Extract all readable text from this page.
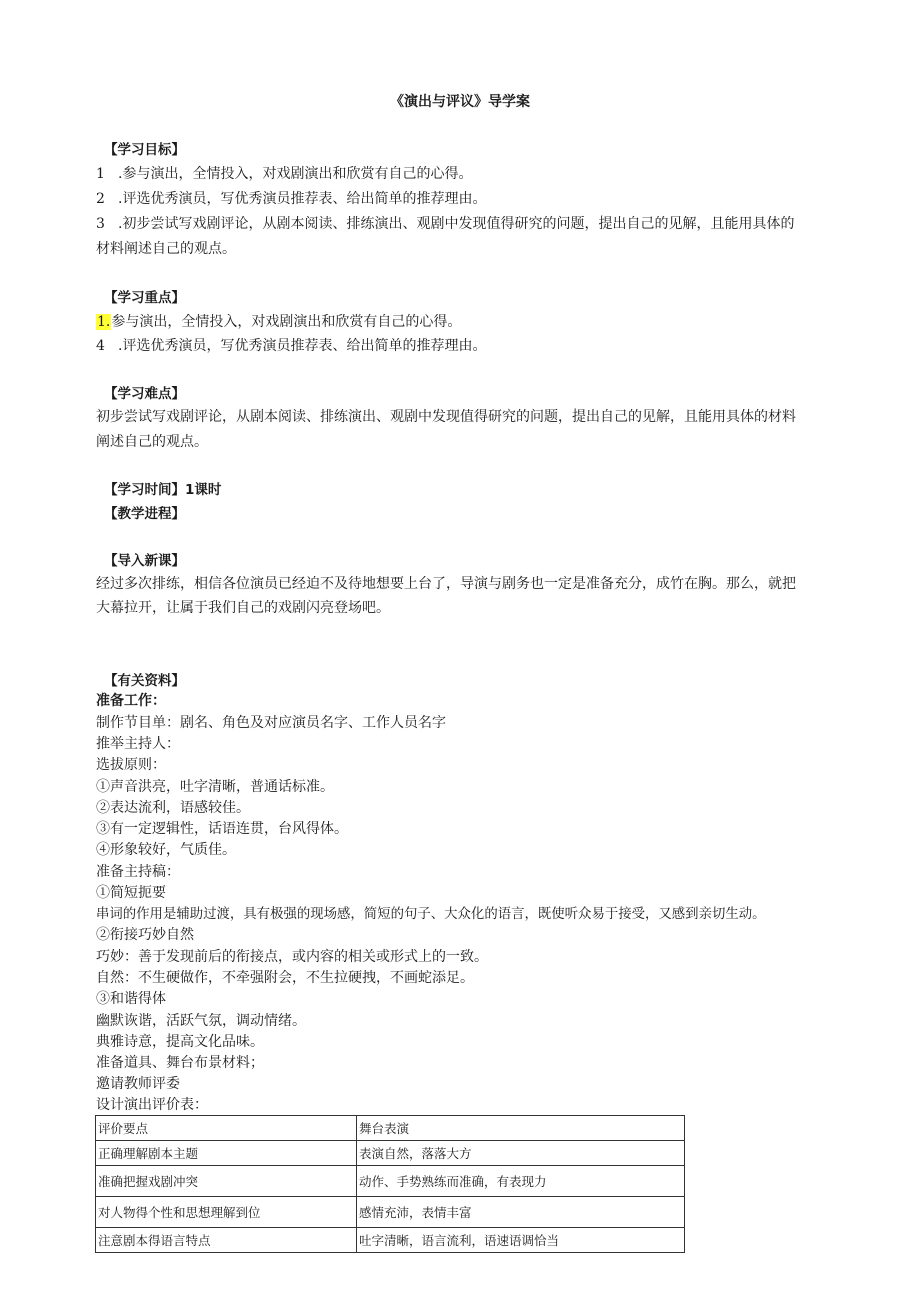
《演出与评议》导学案
【学习目标】
1 .参与演出，全情投入，对戏剧演出和欣赏有自己的心得。
2 .评选优秀演员，写优秀演员推荐表、给出简单的推荐理由。
3 .初步尝试写戏剧评论，从剧本阅读、排练演出、观剧中发现值得研究的问题，提出自己的见解，且能用具体的
材料阐述自己的观点。
【学习重点】
1.参与演出，全情投入，对戏剧演出和欣赏有自己的心得。
4 .评选优秀演员，写优秀演员推荐表、给出简单的推荐理由。
【学习难点】
初步尝试写戏剧评论，从剧本阅读、排练演出、观剧中发现值得研究的问题，提出自己的见解，且能用具体的材料
阐述自己的观点。
【学习时间】1课时
【教学进程】
【导入新课】
经过多次排练，相信各位演员已经迫不及待地想要上台了，导演与剧务也一定是准备充分，成竹在胸。那么，就把
大幕拉开，让属于我们自己的戏剧闪亮登场吧。
【有关资料】
准备工作：
制作节目单：剧名、角色及对应演员名字、工作人员名字
推举主持人：
选拔原则：
①声音洪亮，吐字清晰，普通话标准。
②表达流利，语感较佳。
③有一定逻辑性，话语连贯，台风得体。
④形象较好，气质佳。
准备主持稿：
①简短扼要
串词的作用是辅助过渡，具有极强的现场感，简短的句子、大众化的语言，既使听众易于接受，又感到亲切生动。
②衔接巧妙自然
巧妙：善于发现前后的衔接点，或内容的相关或形式上的一致。
自然：不生硬做作，不牵强附会，不生拉硬拽，不画蛇添足。
③和谐得体
幽默诙谐，活跃气氛，调动情绪。
典雅诗意，提高文化品味。
准备道具、舞台布景材料；
邀请教师评委
设计演出评价表：
评价要点	舞台表演
正确理解剧本主题	表演自然，落落大方
准确把握戏剧冲突	动作、手势熟练而准确，有表现力
对人物得个性和思想理解到位	感情充沛，表情丰富
注意剧本得语言特点	吐字清晰，语言流利，语速语调恰当
